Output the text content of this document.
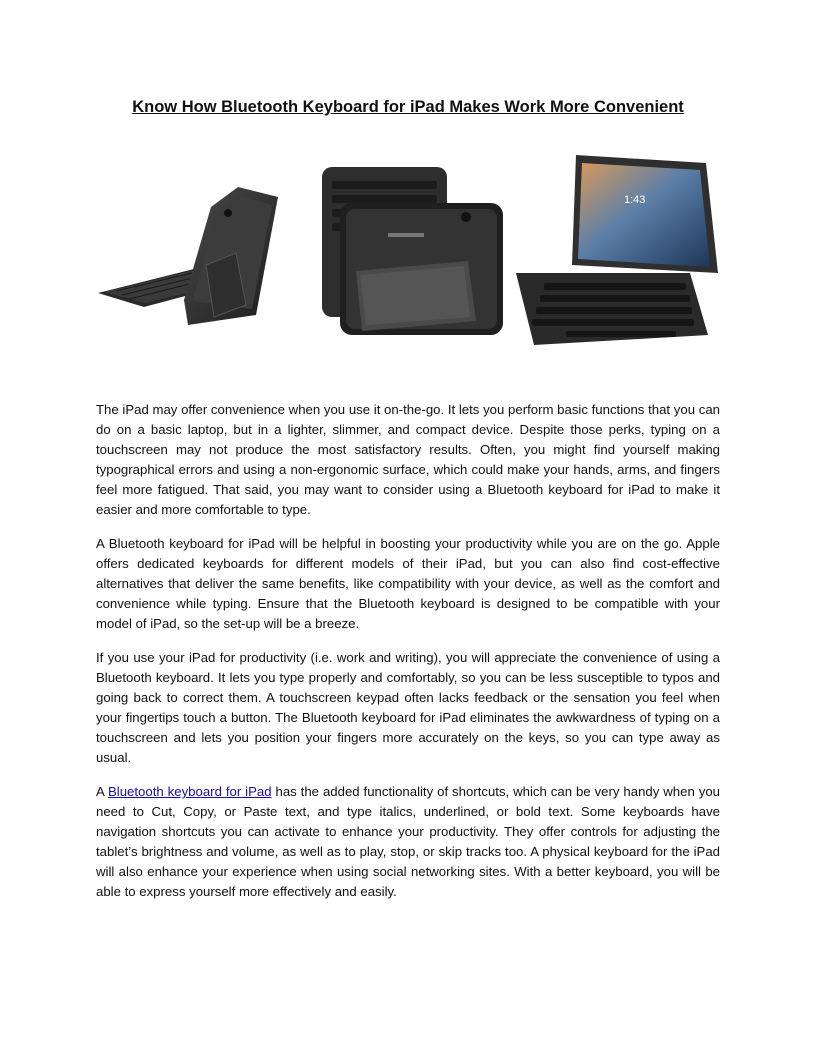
Know How Bluetooth Keyboard for iPad Makes Work More Convenient
1:43

The iPad may offer convenience when you use it on-the-go. It lets you perform basic functions that you can do on a basic laptop, but in a lighter, slimmer, and compact device. Despite those perks, typing on a touchscreen may not produce the most satisfactory results. Often, you might find yourself making typographical errors and using a non-ergonomic surface, which could make your hands, arms, and fingers feel more fatigued. That said, you may want to consider using a Bluetooth keyboard for iPad to make it easier and more comfortable to type.

A Bluetooth keyboard for iPad will be helpful in boosting your productivity while you are on the go. Apple offers dedicated keyboards for different models of their iPad, but you can also find cost-effective alternatives that deliver the same benefits, like compatibility with your device, as well as the comfort and convenience while typing. Ensure that the Bluetooth keyboard is designed to be compatible with your model of iPad, so the set-up will be a breeze.

If you use your iPad for productivity (i.e. work and writing), you will appreciate the convenience of using a Bluetooth keyboard. It lets you type properly and comfortably, so you can be less susceptible to typos and going back to correct them. A touchscreen keypad often lacks feedback or the sensation you feel when your fingertips touch a button. The Bluetooth keyboard for iPad eliminates the awkwardness of typing on a touchscreen and lets you position your fingers more accurately on the keys, so you can type away as usual.

A Bluetooth keyboard for iPad has the added functionality of shortcuts, which can be very handy when you need to Cut, Copy, or Paste text, and type italics, underlined, or bold text. Some keyboards have navigation shortcuts you can activate to enhance your productivity. They offer controls for adjusting the tablet’s brightness and volume, as well as to play, stop, or skip tracks too. A physical keyboard for the iPad will also enhance your experience when using social networking sites. With a better keyboard, you will be able to express yourself more effectively and easily.
